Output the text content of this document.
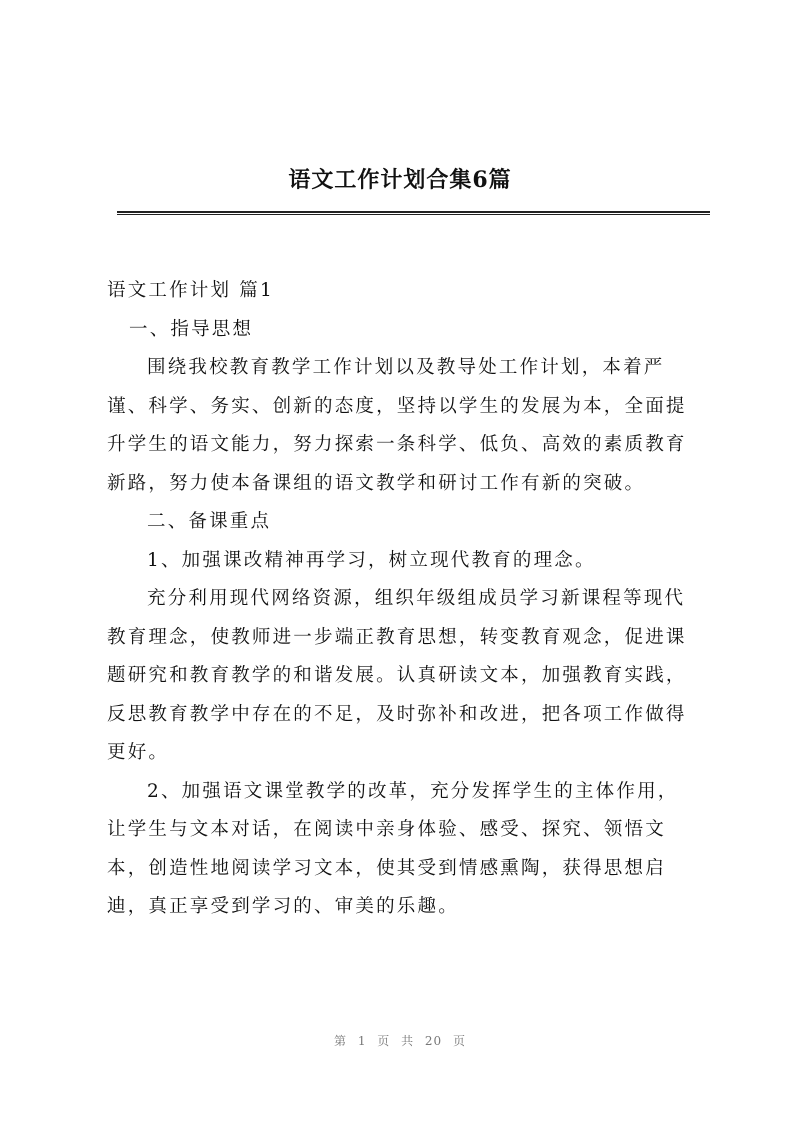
语文工作计划合集6篇
语文工作计划 篇1
一、指导思想
围绕我校教育教学工作计划以及教导处工作计划，本着严
谨、科学、务实、创新的态度，坚持以学生的发展为本，全面提
升学生的语文能力，努力探索一条科学、低负、高效的素质教育
新路，努力使本备课组的语文教学和研讨工作有新的突破。
二、备课重点
1、加强课改精神再学习，树立现代教育的理念。
充分利用现代网络资源，组织年级组成员学习新课程等现代
教育理念，使教师进一步端正教育思想，转变教育观念，促进课
题研究和教育教学的和谐发展。认真研读文本，加强教育实践，
反思教育教学中存在的不足，及时弥补和改进，把各项工作做得
更好。
2、加强语文课堂教学的改革，充分发挥学生的主体作用，
让学生与文本对话，在阅读中亲身体验、感受、探究、领悟文
本，创造性地阅读学习文本，使其受到情感熏陶，获得思想启
迪，真正享受到学习的、审美的乐趣。
第 1 页 共 20 页
